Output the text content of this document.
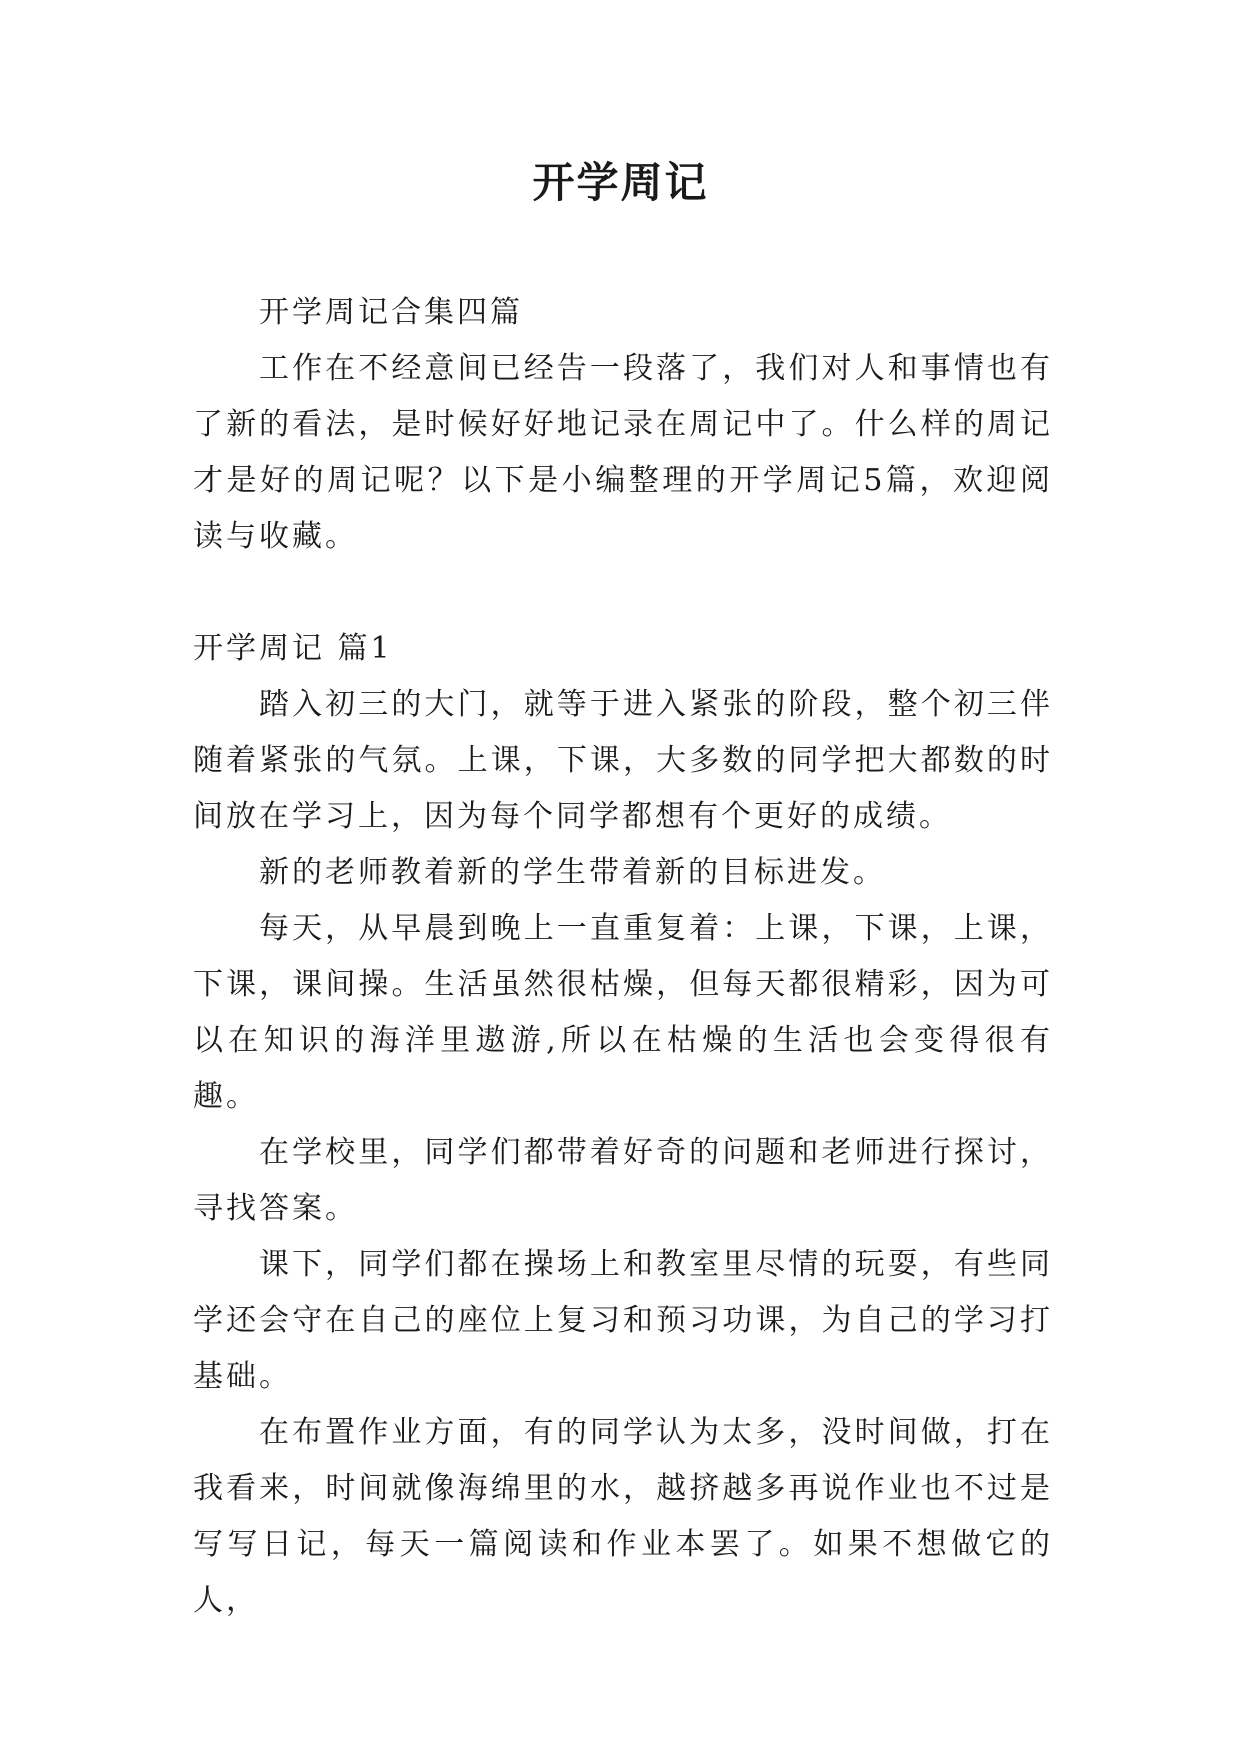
开学周记

开学周记合集四篇

工作在不经意间已经告一段落了，我们对人和事情也有了新的看法，是时候好好地记录在周记中了。什么样的周记才是好的周记呢？以下是小编整理的开学周记5篇，欢迎阅读与收藏。

开学周记 篇1

踏入初三的大门，就等于进入紧张的阶段，整个初三伴随着紧张的气氛。上课，下课，大多数的同学把大都数的时间放在学习上，因为每个同学都想有个更好的成绩。

新的老师教着新的学生带着新的目标进发。

每天，从早晨到晚上一直重复着：上课，下课，上课，下课，课间操。生活虽然很枯燥，但每天都很精彩，因为可以在知识的海洋里遨游,所以在枯燥的生活也会变得很有趣。

在学校里，同学们都带着好奇的问题和老师进行探讨，寻找答案。

课下，同学们都在操场上和教室里尽情的玩耍，有些同学还会守在自己的座位上复习和预习功课，为自己的学习打基础。

在布置作业方面，有的同学认为太多，没时间做，打在我看来，时间就像海绵里的水，越挤越多再说作业也不过是写写日记，每天一篇阅读和作业本罢了。如果不想做它的人，
